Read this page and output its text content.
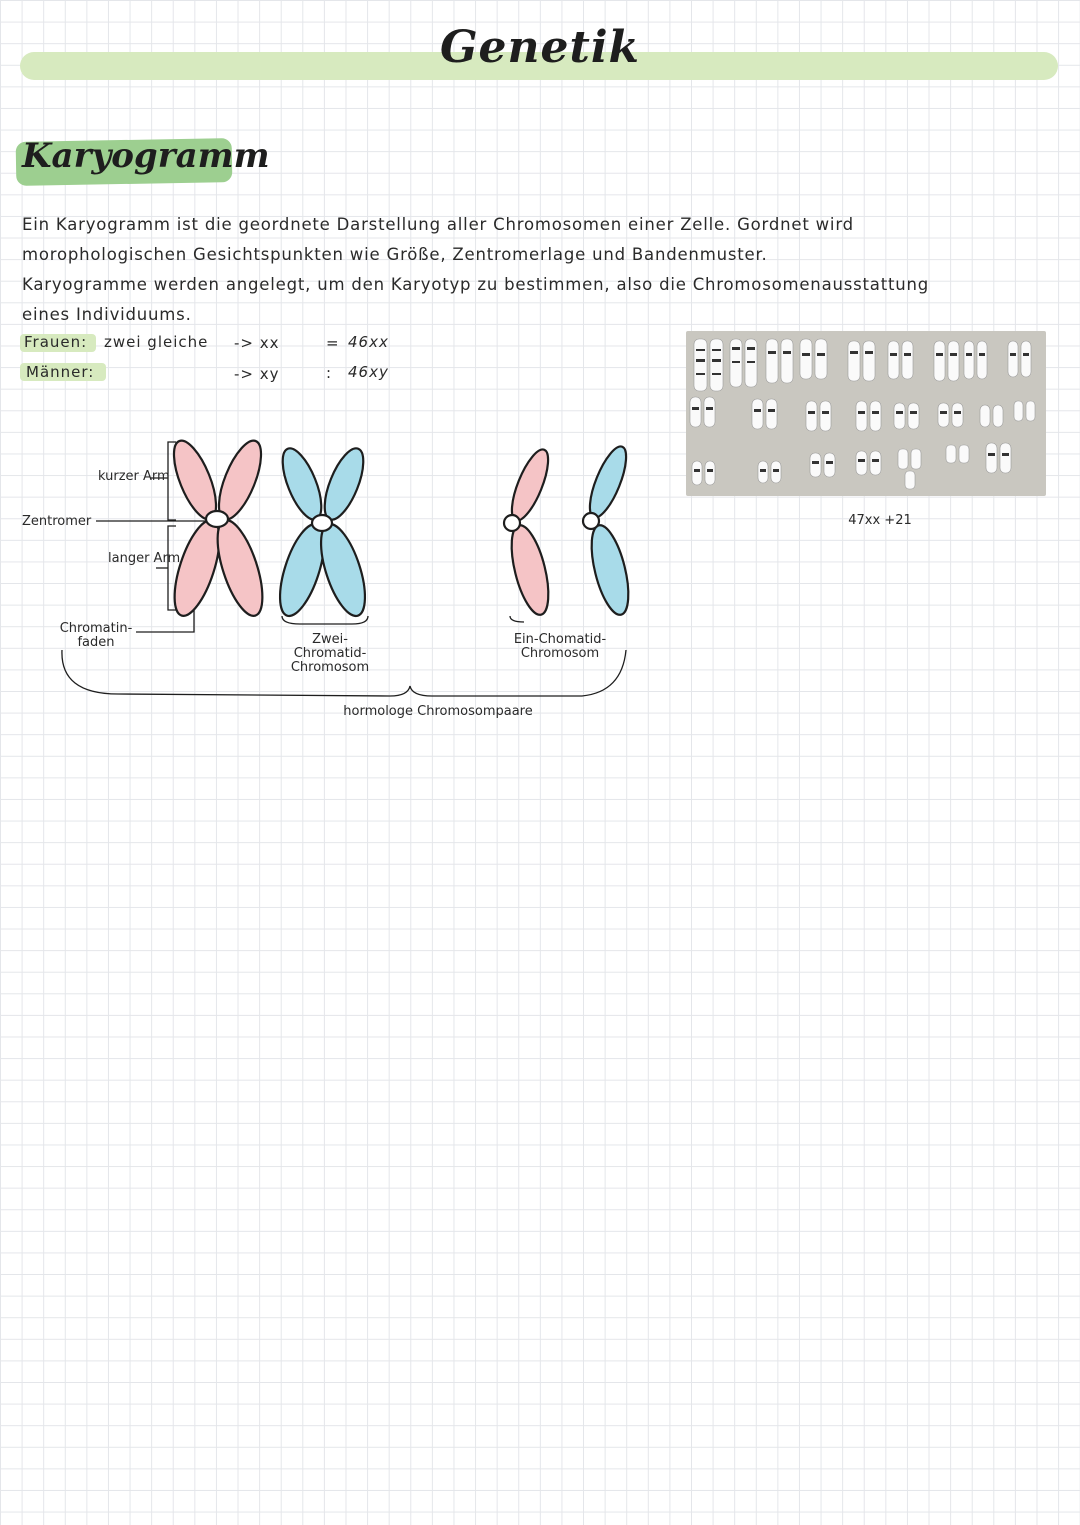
Genetik
Karyogramm
Ein Karyogramm ist die geordnete Darstellung aller Chromosomen einer Zelle. Gordnet wird
morophologischen Gesichtspunkten wie Größe, Zentromerlage und Bandenmuster.
Karyogramme werden angelegt, um den Karyotyp zu bestimmen, also die Chromosomenausstattung
eines Individuums.
Frauen: zwei gleiche -> xx	= 46xx
Männer:	-> xy	: 46xy
47xx +21
kurzer Arm
Zentromer
langer Arm
Chromatin- faden	Zwei-Chromatid- Chromosom
Ein-Chomatid- Chromosom
hormologe Chromosompaare
